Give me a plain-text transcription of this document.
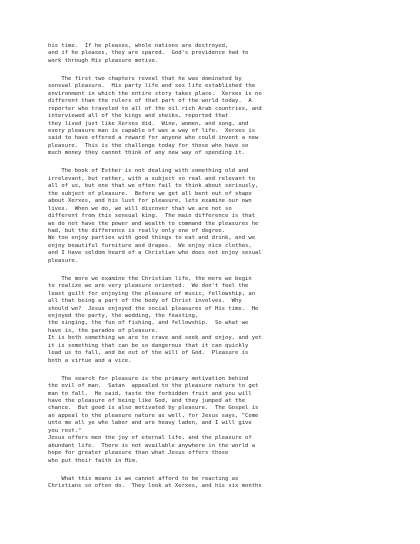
his time.  If he pleases, whole nations are destroyed,
and if he pleases, they are spared.  God's providence had to
work through His pleasure motive.
The first two chapters reveal that he was dominated by
sensual pleasure.  His party life and sex life established the
environment in which the entire story takes place.  Xerxes is no
different than the rulers of that part of the world today.  A
reporter who traveled to all of the oil rich Arab countries, and
interviewed all of the kings and sheiks, reported that
they lived just like Xerxes did.  Wine, women, and song, and
every pleasure man is capable of was a way of life.  Xerxes is
said to have offered a reward for anyone who could invent a new
pleasure.  This is the challenge today for those who have so
much money they cannot think of any new way of spending it.
The book of Esther is not dealing with something old and
irrelevant, but rather, with a subject so real and relevant to
all of us, but one that we often fail to think about seriously,
the subject of pleasure.  Before we get all bent out of shape
about Xerxes, and his lust for pleasure, lets examine our own
lives.  When we do, we will discover that we are not so
different from this sensual king.  The main difference is that
we do not have the power and wealth to command the pleasures he
had, but the difference is really only one of degree.
We too enjoy parties with good things to eat and drink, and we
enjoy beautiful furniture and drapes.  We enjoy nice clothes,
and I have seldom heard of a Christian who does not enjoy sexual
pleasure.
The more we examine the Christian life, the more we begin
to realize we are very pleasure oriented.  We don't feel the
least guilt for enjoying the pleasure of music, fellowship, an
all that being a part of the body of Christ involves.  Why
should we?  Jesus enjoyed the social pleasures of His time.  He
enjoyed the party, the wedding, the feasting,
the singing, the fun of fishing, and fellowship.  So what we
have is, the paradox of pleasure.
It is both something we are to crave and seek and enjoy, and yet
it is something that can be so dangerous that it can quickly
lead us to fall, and be out of the will of God.  Pleasure is
both a virtue and a vice.
The search for pleasure is the primary motivation behind
the evil of man.  Satan  appealed to the pleasure nature to get
man to fall.  He said, taste the forbidden fruit and you will
have the pleasure of being like God, and they jumped at the
chance.  But good is also motivated by pleasure.  The Gospel is
an appeal to the pleasure nature as well, for Jesus says, "Come
unto me all ye who labor and are heavy laden, and I will give
you rest."
Jesus offers men the joy of eternal life, and the pleasure of
abundant life.  There is not available anywhere in the world a
hope for greater pleasure than what Jesus offers those
who put their faith in Him.
What this means is we cannot afford to be reacting as
Christians so often do.  They look at Xerxes, and his six months
